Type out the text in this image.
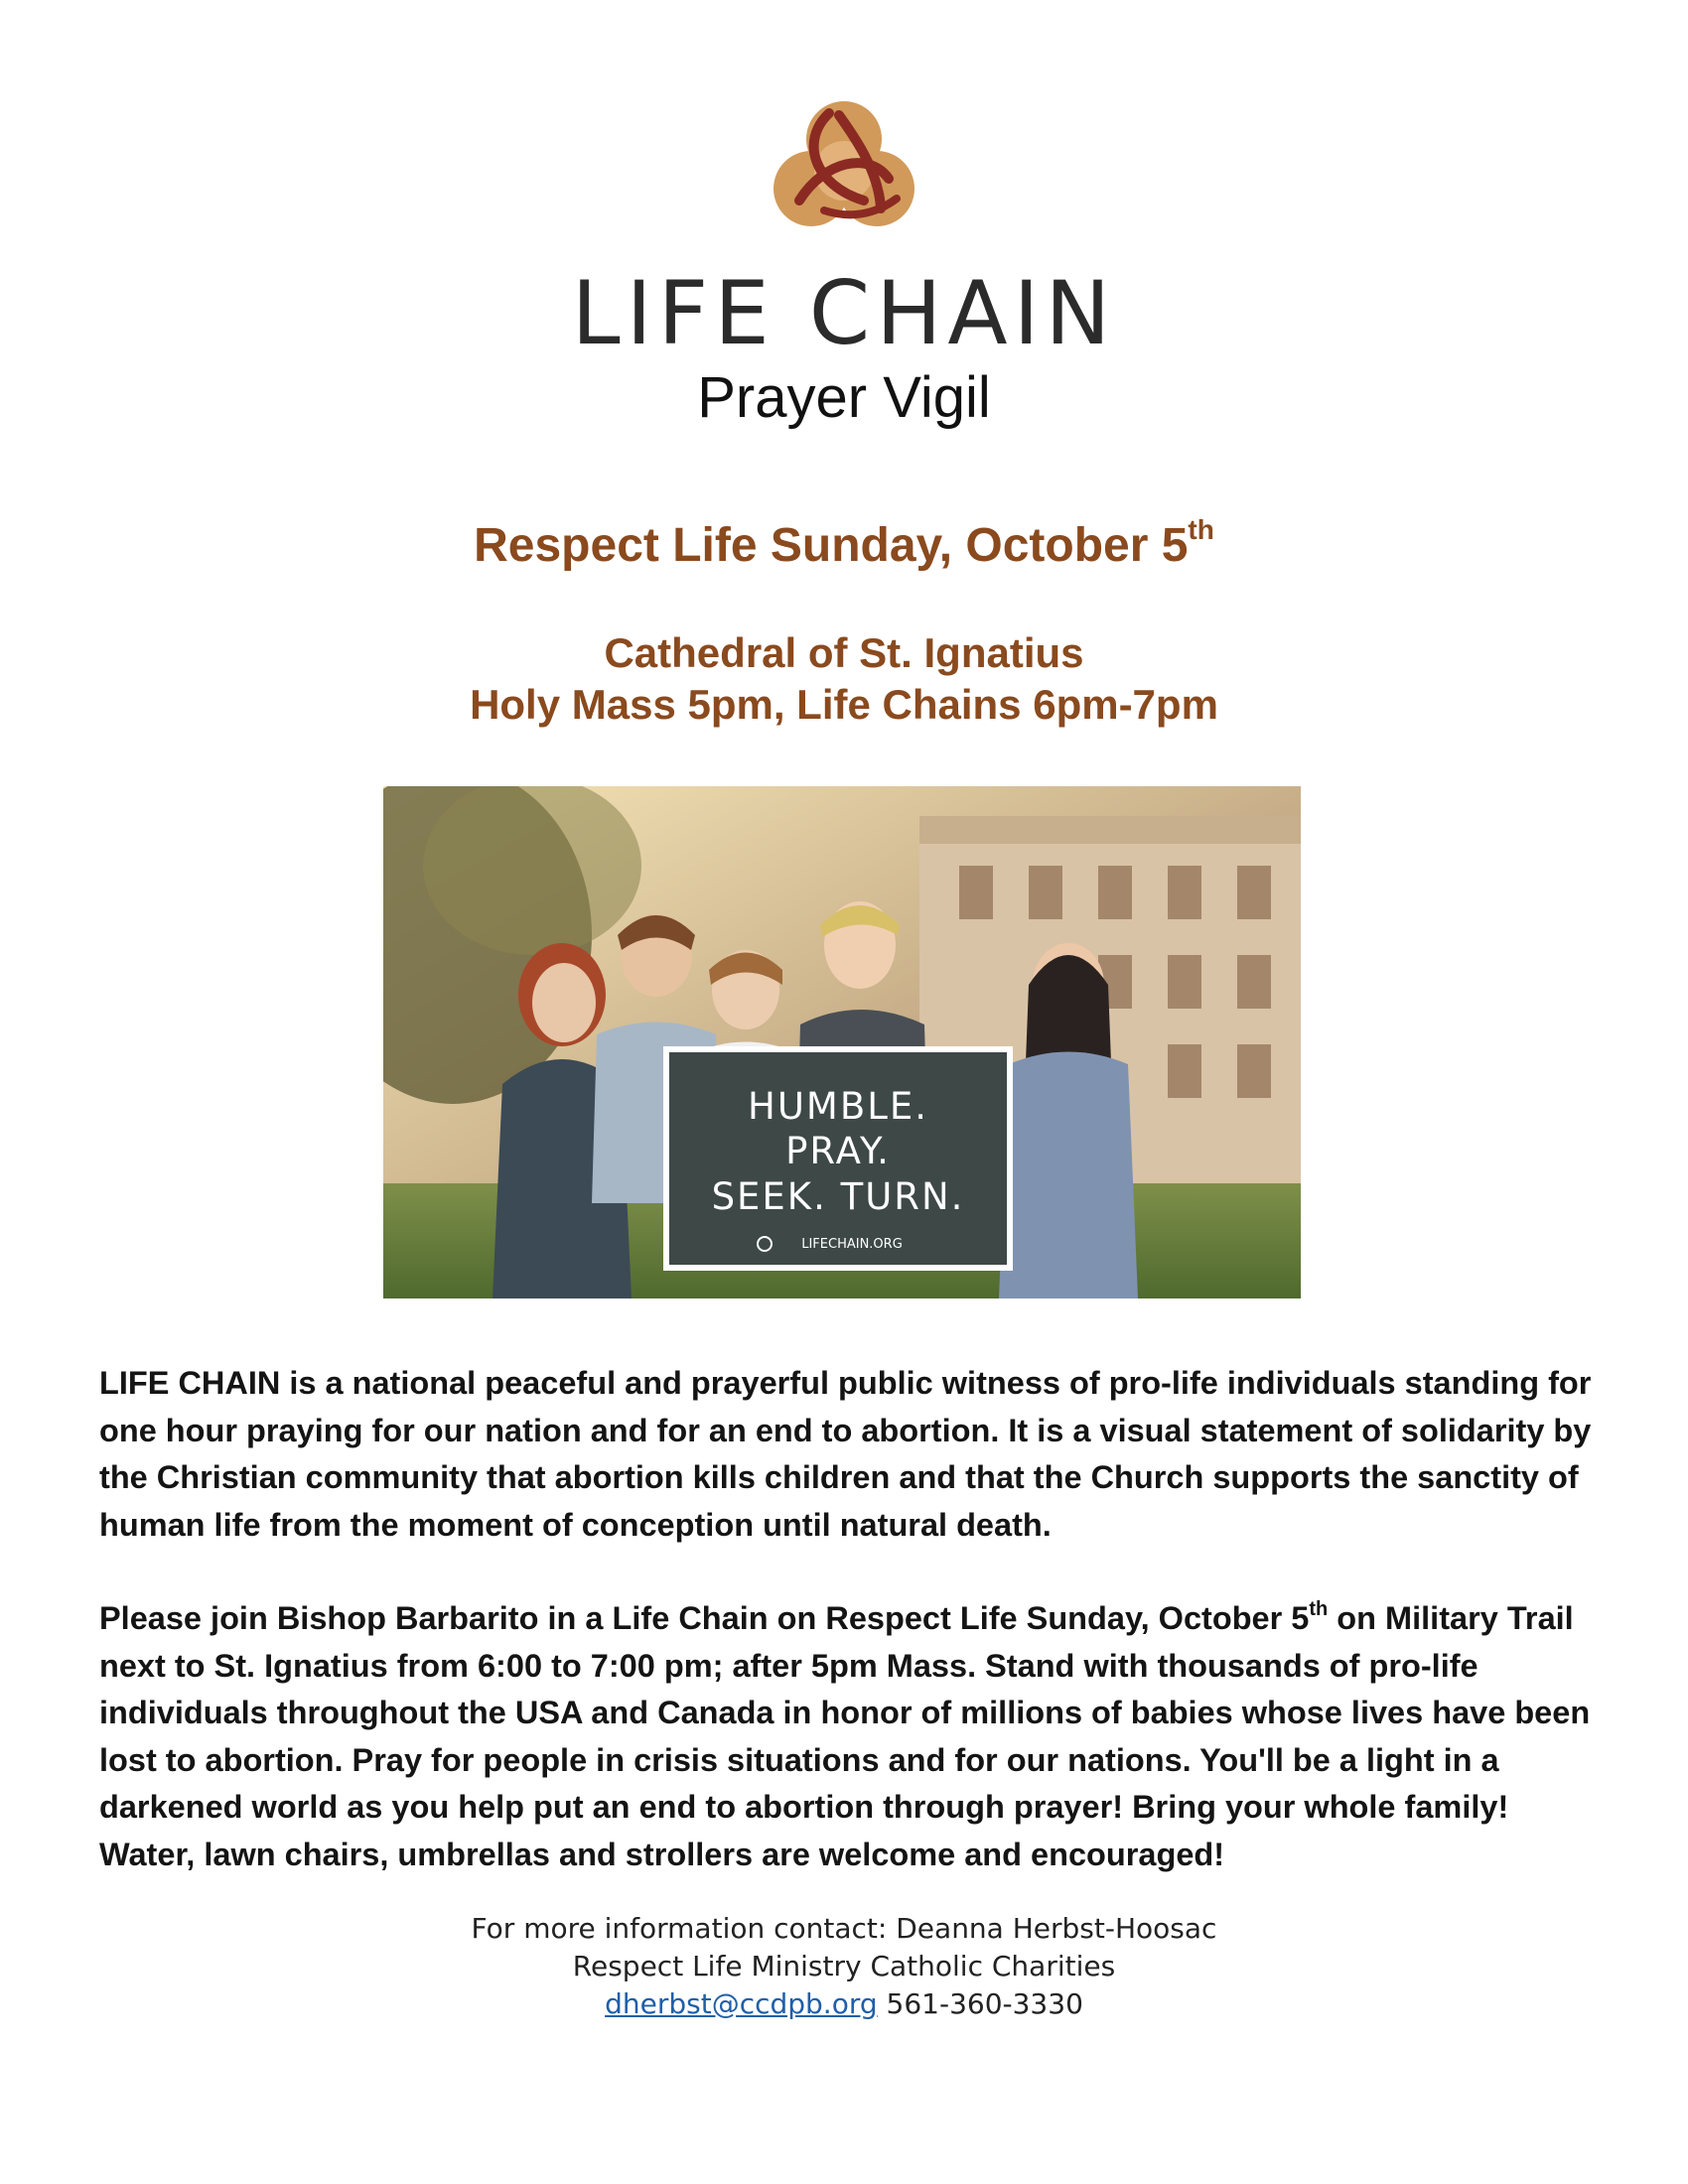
LIFE CHAIN
Prayer Vigil
Respect Life Sunday, October 5th
Cathedral of St. Ignatius
Holy Mass 5pm, Life Chains 6pm-7pm
HUMBLE.
PRAY.
SEEK. TURN.
LIFECHAIN.ORG

LIFE CHAIN is a national peaceful and prayerful public witness of pro-life individuals standing for one hour praying for our nation and for an end to abortion. It is a visual statement of solidarity by the Christian community that abortion kills children and that the Church supports the sanctity of human life from the moment of conception until natural death.

Please join Bishop Barbarito in a Life Chain on Respect Life Sunday, October 5th on Military Trail next to St. Ignatius from 6:00 to 7:00 pm; after 5pm Mass. Stand with thousands of pro-life individuals throughout the USA and Canada in honor of millions of babies whose lives have been lost to abortion. Pray for people in crisis situations and for our nations. You'll be a light in a darkened world as you help put an end to abortion through prayer! Bring your whole family! Water, lawn chairs, umbrellas and strollers are welcome and encouraged!

For more information contact: Deanna Herbst-Hoosac
Respect Life Ministry Catholic Charities
dherbst@ccdpb.org 561-360-3330
